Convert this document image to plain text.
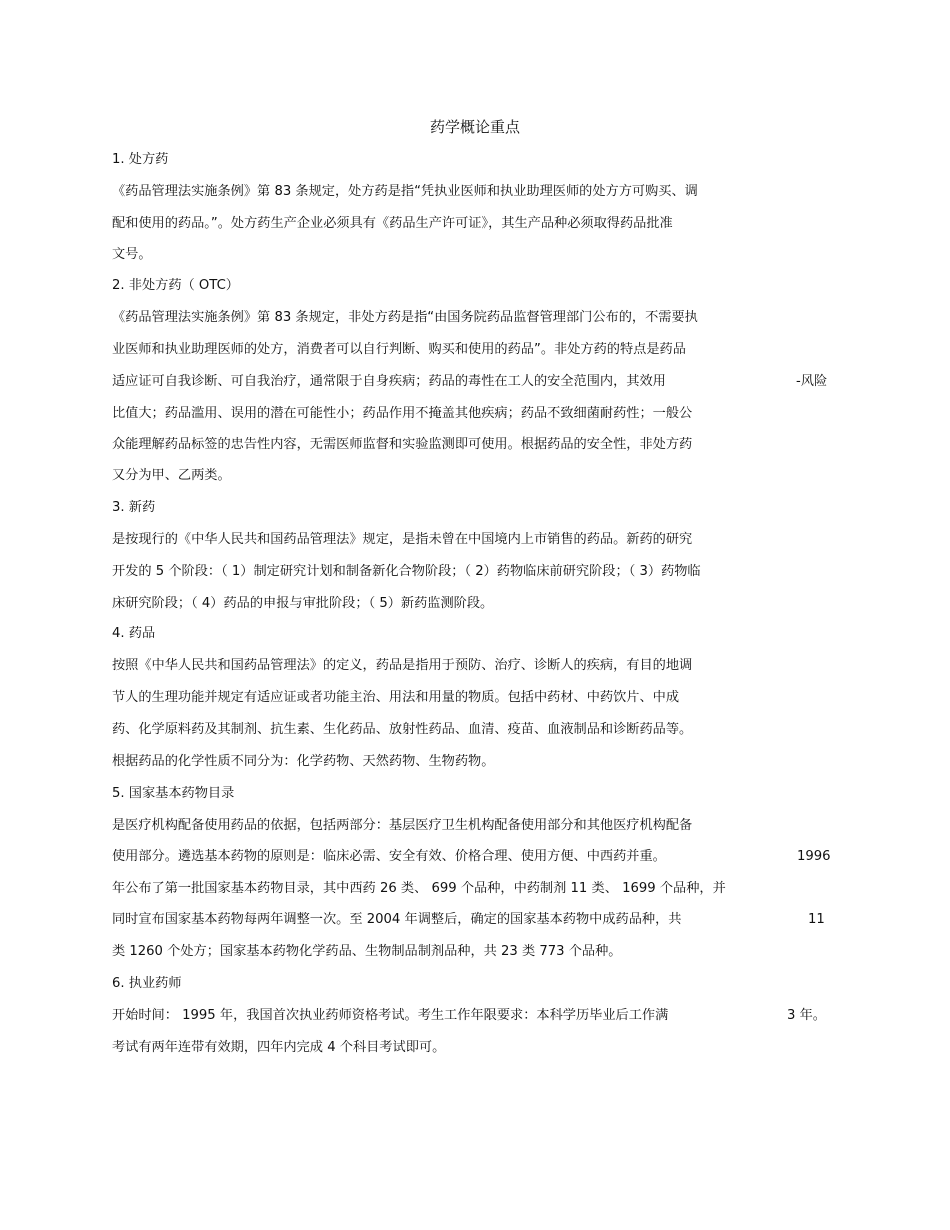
药学概论重点
1. 处方药
《药品管理法实施条例》第 83 条规定，处方药是指“凭执业医师和执业助理医师的处方方可购买、调
配和使用的药品。”。处方药生产企业必须具有《药品生产许可证》，其生产品种必须取得药品批准
文号。
2. 非处方药（ OTC）
《药品管理法实施条例》第 83 条规定，非处方药是指“由国务院药品监督管理部门公布的，不需要执
业医师和执业助理医师的处方，消费者可以自行判断、购买和使用的药品”。非处方药的特点是药品
适应证可自我诊断、可自我治疗，通常限于自身疾病；药品的毒性在工人的安全范围内，其效用	-风险
比值大；药品滥用、误用的潜在可能性小；药品作用不掩盖其他疾病；药品不致细菌耐药性；一般公
众能理解药品标签的忠告性内容，无需医师监督和实验监测即可使用。根据药品的安全性，非处方药
又分为甲、乙两类。
3. 新药
是按现行的《中华人民共和国药品管理法》规定，是指未曾在中国境内上市销售的药品。新药的研究
开发的 5 个阶段：（ 1）制定研究计划和制备新化合物阶段；（ 2）药物临床前研究阶段；（ 3）药物临
床研究阶段；（ 4）药品的申报与审批阶段；（ 5）新药监测阶段。
4. 药品
按照《中华人民共和国药品管理法》的定义，药品是指用于预防、治疗、诊断人的疾病，有目的地调
节人的生理功能并规定有适应证或者功能主治、用法和用量的物质。包括中药材、中药饮片、中成
药、化学原料药及其制剂、抗生素、生化药品、放射性药品、血清、疫苗、血液制品和诊断药品等。
根据药品的化学性质不同分为：化学药物、天然药物、生物药物。
5. 国家基本药物目录
是医疗机构配备使用药品的依据，包括两部分：基层医疗卫生机构配备使用部分和其他医疗机构配备
使用部分。遴选基本药物的原则是：临床必需、安全有效、价格合理、使用方便、中西药并重。	1996
年公布了第一批国家基本药物目录，其中西药 26 类、 699 个品种，中药制剂 11 类、 1699 个品种，并
同时宣布国家基本药物每两年调整一次。至 2004 年调整后，确定的国家基本药物中成药品种，共	11
类 1260 个处方；国家基本药物化学药品、生物制品制剂品种，共 23 类 773 个品种。
6. 执业药师
开始时间： 1995 年，我国首次执业药师资格考试。考生工作年限要求：本科学历毕业后工作满	3 年。
考试有两年连带有效期，四年内完成 4 个科目考试即可。
